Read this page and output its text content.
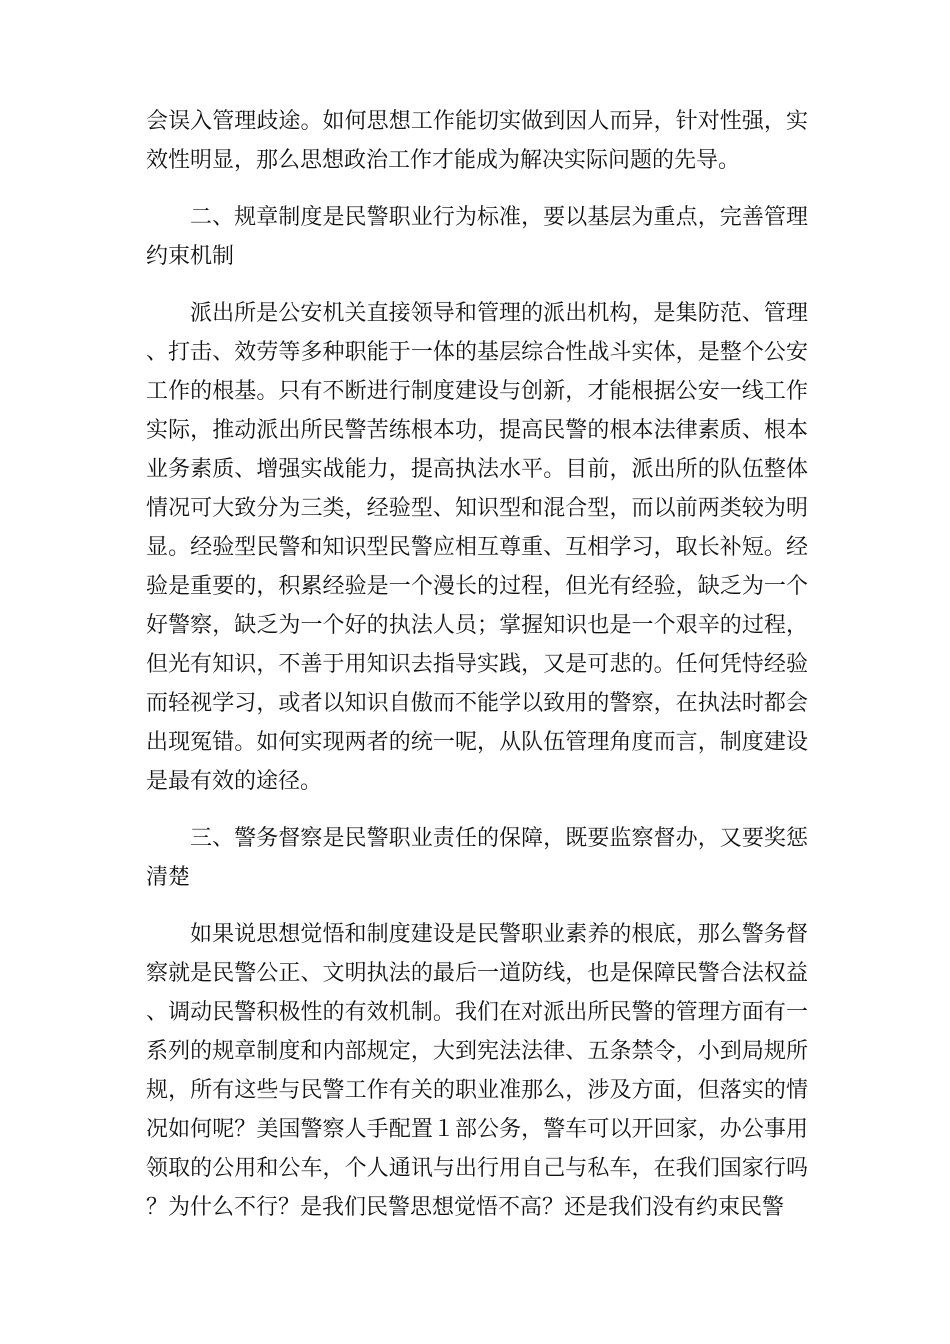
会误入管理歧途。如何思想工作能切实做到因人而异，针对性强，实效性明显，那么思想政治工作才能成为解决实际问题的先导。

二、规章制度是民警职业行为标准，要以基层为重点，完善管理约束机制

派出所是公安机关直接领导和管理的派出机构，是集防范、管理、打击、效劳等多种职能于一体的基层综合性战斗实体，是整个公安工作的根基。只有不断进行制度建设与创新，才能根据公安一线工作实际，推动派出所民警苦练根本功，提高民警的根本法律素质、根本业务素质、增强实战能力，提高执法水平。目前，派出所的队伍整体情况可大致分为三类，经验型、知识型和混合型，而以前两类较为明显。经验型民警和知识型民警应相互尊重、互相学习，取长补短。经验是重要的，积累经验是一个漫长的过程，但光有经验，缺乏为一个好警察，缺乏为一个好的执法人员；掌握知识也是一个艰辛的过程，但光有知识，不善于用知识去指导实践，又是可悲的。任何凭恃经验而轻视学习，或者以知识自傲而不能学以致用的警察，在执法时都会出现冤错。如何实现两者的统一呢，从队伍管理角度而言，制度建设是最有效的途径。

三、警务督察是民警职业责任的保障，既要监察督办，又要奖惩清楚

如果说思想觉悟和制度建设是民警职业素养的根底，那么警务督察就是民警公正、文明执法的最后一道防线，也是保障民警合法权益、调动民警积极性的有效机制。我们在对派出所民警的管理方面有一系列的规章制度和内部规定，大到宪法法律、五条禁令，小到局规所规，所有这些与民警工作有关的职业准那么，涉及方面，但落实的情况如何呢？美国警察人手配置１部公务，警车可以开回家，办公事用领取的公用和公车，个人通讯与出行用自己与私车，在我们国家行吗？为什么不行？是我们民警思想觉悟不高？还是我们没有约束民警
